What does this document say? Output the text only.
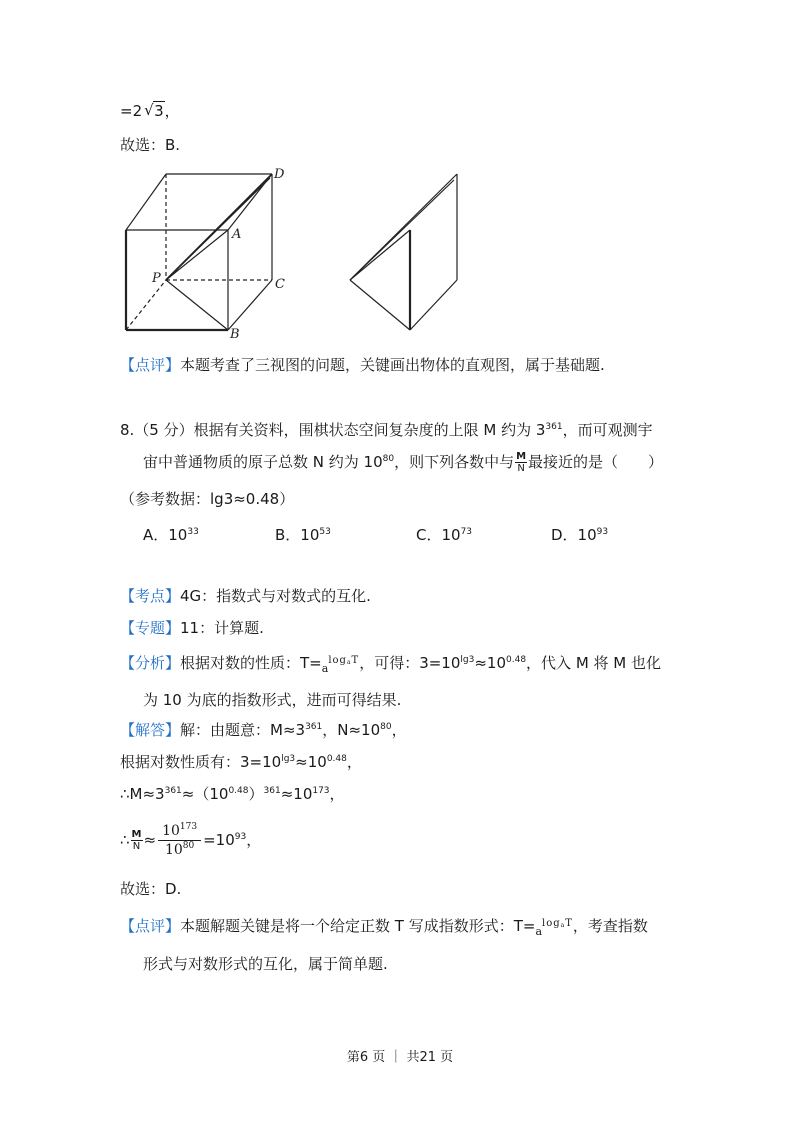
=2 √ 3，
故选：B.
D
A
P	C
B
【点评】本题考查了三视图的问题，关键画出物体的直观图，属于基础题.
8.（5 分）根据有关资料，围棋状态空间复杂度的上限 M 约为 $3^{361}$，而可观测宇
宙中普通物质的原子总数 N 约为 $10^{80}$，则下列各数中与 $\frac{M}{N}$ 最接近的是（　　）
（参考数据：lg3≈0.48）
A．$10^{33}$	B．$10^{53}$	C．$10^{73}$	D．$10^{93}$
【考点】4G：指数式与对数式的互化.
【专题】11：计算题.
【分析】根据对数的性质：$T=_{a^{log_aT}}$，可得：$3=10^{lg3}\approx 10^{0.48}$，代入 M 将 M 也化
为 10 为底的指数形式，进而可得结果.
【解答】解：由题意：$M\approx 3^{361}$，$N\approx 10^{80}$，
根据对数性质有：$3=10^{lg3}\approx 10^{0.48}$，
$\therefore M\approx 3^{361}\approx(10^{0.48})^{361}\approx 10^{173}$，
∴ $\frac{M}{N} \approx \frac{10^{173}}{10^{80}} =10^{93}$，
故选：D.
【点评】本题解题关键是将一个给定正数 T 写成指数形式：$T=_{a^{log_aT}}$，考查指数
形式与对数形式的互化，属于简单题.
第6 页 ｜ 共21 页
